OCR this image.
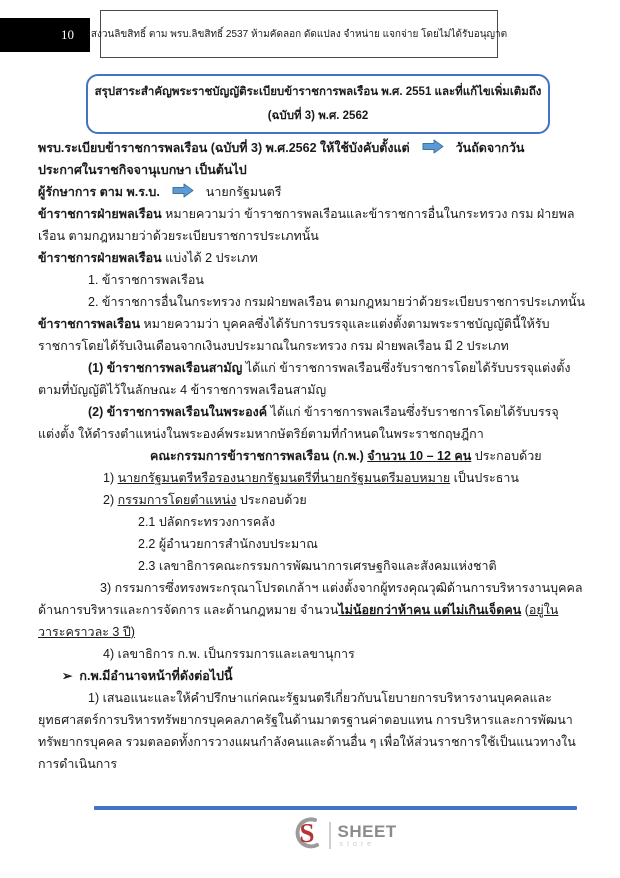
10 สงวนลิขสิทธิ์ ตาม พรบ.ลิขสิทธิ์ 2537 ห้ามคัดลอก ดัดแปลง จำหน่าย แจกจ่าย โดยไม่ได้รับอนุญาต
สรุปสาระสำคัญพระราชบัญญัติระเบียบข้าราชการพลเรือน พ.ศ. 2551 และที่แก้ไขเพิ่มเติมถึง
(ฉบับที่ 3) พ.ศ. 2562
พรบ.ระเบียบข้าราชการพลเรือน (ฉบับที่ 3) พ.ศ.2562 ให้ใช้บังคับตั้งแต่	วันถัดจากวัน
ประกาศในราชกิจจานุเบกษา เป็นต้นไป
ผู้รักษาการ ตาม พ.ร.บ.	นายกรัฐมนตรี
ข้าราชการฝ่ายพลเรือน หมายความว่า ข้าราชการพลเรือนและข้าราชการอื่นในกระทรวง กรม ฝ่ายพล
เรือน ตามกฎหมายว่าด้วยระเบียบราชการประเภทนั้น
ข้าราชการฝ่ายพลเรือน แบ่งได้ 2 ประเภท
1. ข้าราชการพลเรือน
2. ข้าราชการอื่นในกระทรวง กรมฝ่ายพลเรือน ตามกฎหมายว่าด้วยระเบียบราชการประเภทนั้น
ข้าราชการพลเรือน หมายความว่า บุคคลซึ่งได้รับการบรรจุและแต่งตั้งตามพระราชบัญญัตินี้ให้รับ
ราชการโดยได้รับเงินเดือนจากเงินงบประมาณในกระทรวง กรม ฝ่ายพลเรือน มี 2 ประเภท
(1) ข้าราชการพลเรือนสามัญ ได้แก่ ข้าราชการพลเรือนซึ่งรับราชการโดยได้รับบรรจุแต่งตั้ง
ตามที่บัญญัติไว้ในลักษณะ 4 ข้าราชการพลเรือนสามัญ
(2) ข้าราชการพลเรือนในพระองค์ ได้แก่ ข้าราชการพลเรือนซึ่งรับราชการโดยได้รับบรรจุ
แต่งตั้ง ให้ดำรงตำแหน่งในพระองค์พระมหากษัตริย์ตามที่กำหนดในพระราชกฤษฎีกา
คณะกรรมการข้าราชการพลเรือน (ก.พ.) จำนวน 10 – 12 คน ประกอบด้วย
1) นายกรัฐมนตรีหรือรองนายกรัฐมนตรีที่นายกรัฐมนตรีมอบหมาย เป็นประธาน
2) กรรมการโดยตำแหน่ง ประกอบด้วย
2.1 ปลัดกระทรวงการคลัง
2.2 ผู้อำนวยการสำนักงบประมาณ
2.3 เลขาธิการคณะกรรมการพัฒนาการเศรษฐกิจและสังคมแห่งชาติ
3) กรรมการซึ่งทรงพระกรุณาโปรดเกล้าฯ แต่งตั้งจากผู้ทรงคุณวุฒิด้านการบริหารงานบุคคล
ด้านการบริหารและการจัดการ และด้านกฎหมาย จำนวนไม่น้อยกว่าห้าคน แต่ไม่เกินเจ็ดคน (อยู่ใน
วาระคราวละ 3 ปี)
4) เลขาธิการ ก.พ. เป็นกรรมการและเลขานุการ
➢  ก.พ.มีอำนาจหน้าที่ดังต่อไปนี้
1) เสนอแนะและให้คำปรึกษาแก่คณะรัฐมนตรีเกี่ยวกับนโยบายการบริหารงานบุคคลและ
ยุทธศาสตร์การบริหารทรัพยากรบุคคลภาครัฐในด้านมาตรฐานค่าตอบแทน การบริหารและการพัฒนา
ทรัพยากรบุคคล รวมตลอดทั้งการวางแผนกำลังคนและด้านอื่น ๆ เพื่อให้ส่วนราชการใช้เป็นแนวทางใน
การดำเนินการ
S SHEET
store
